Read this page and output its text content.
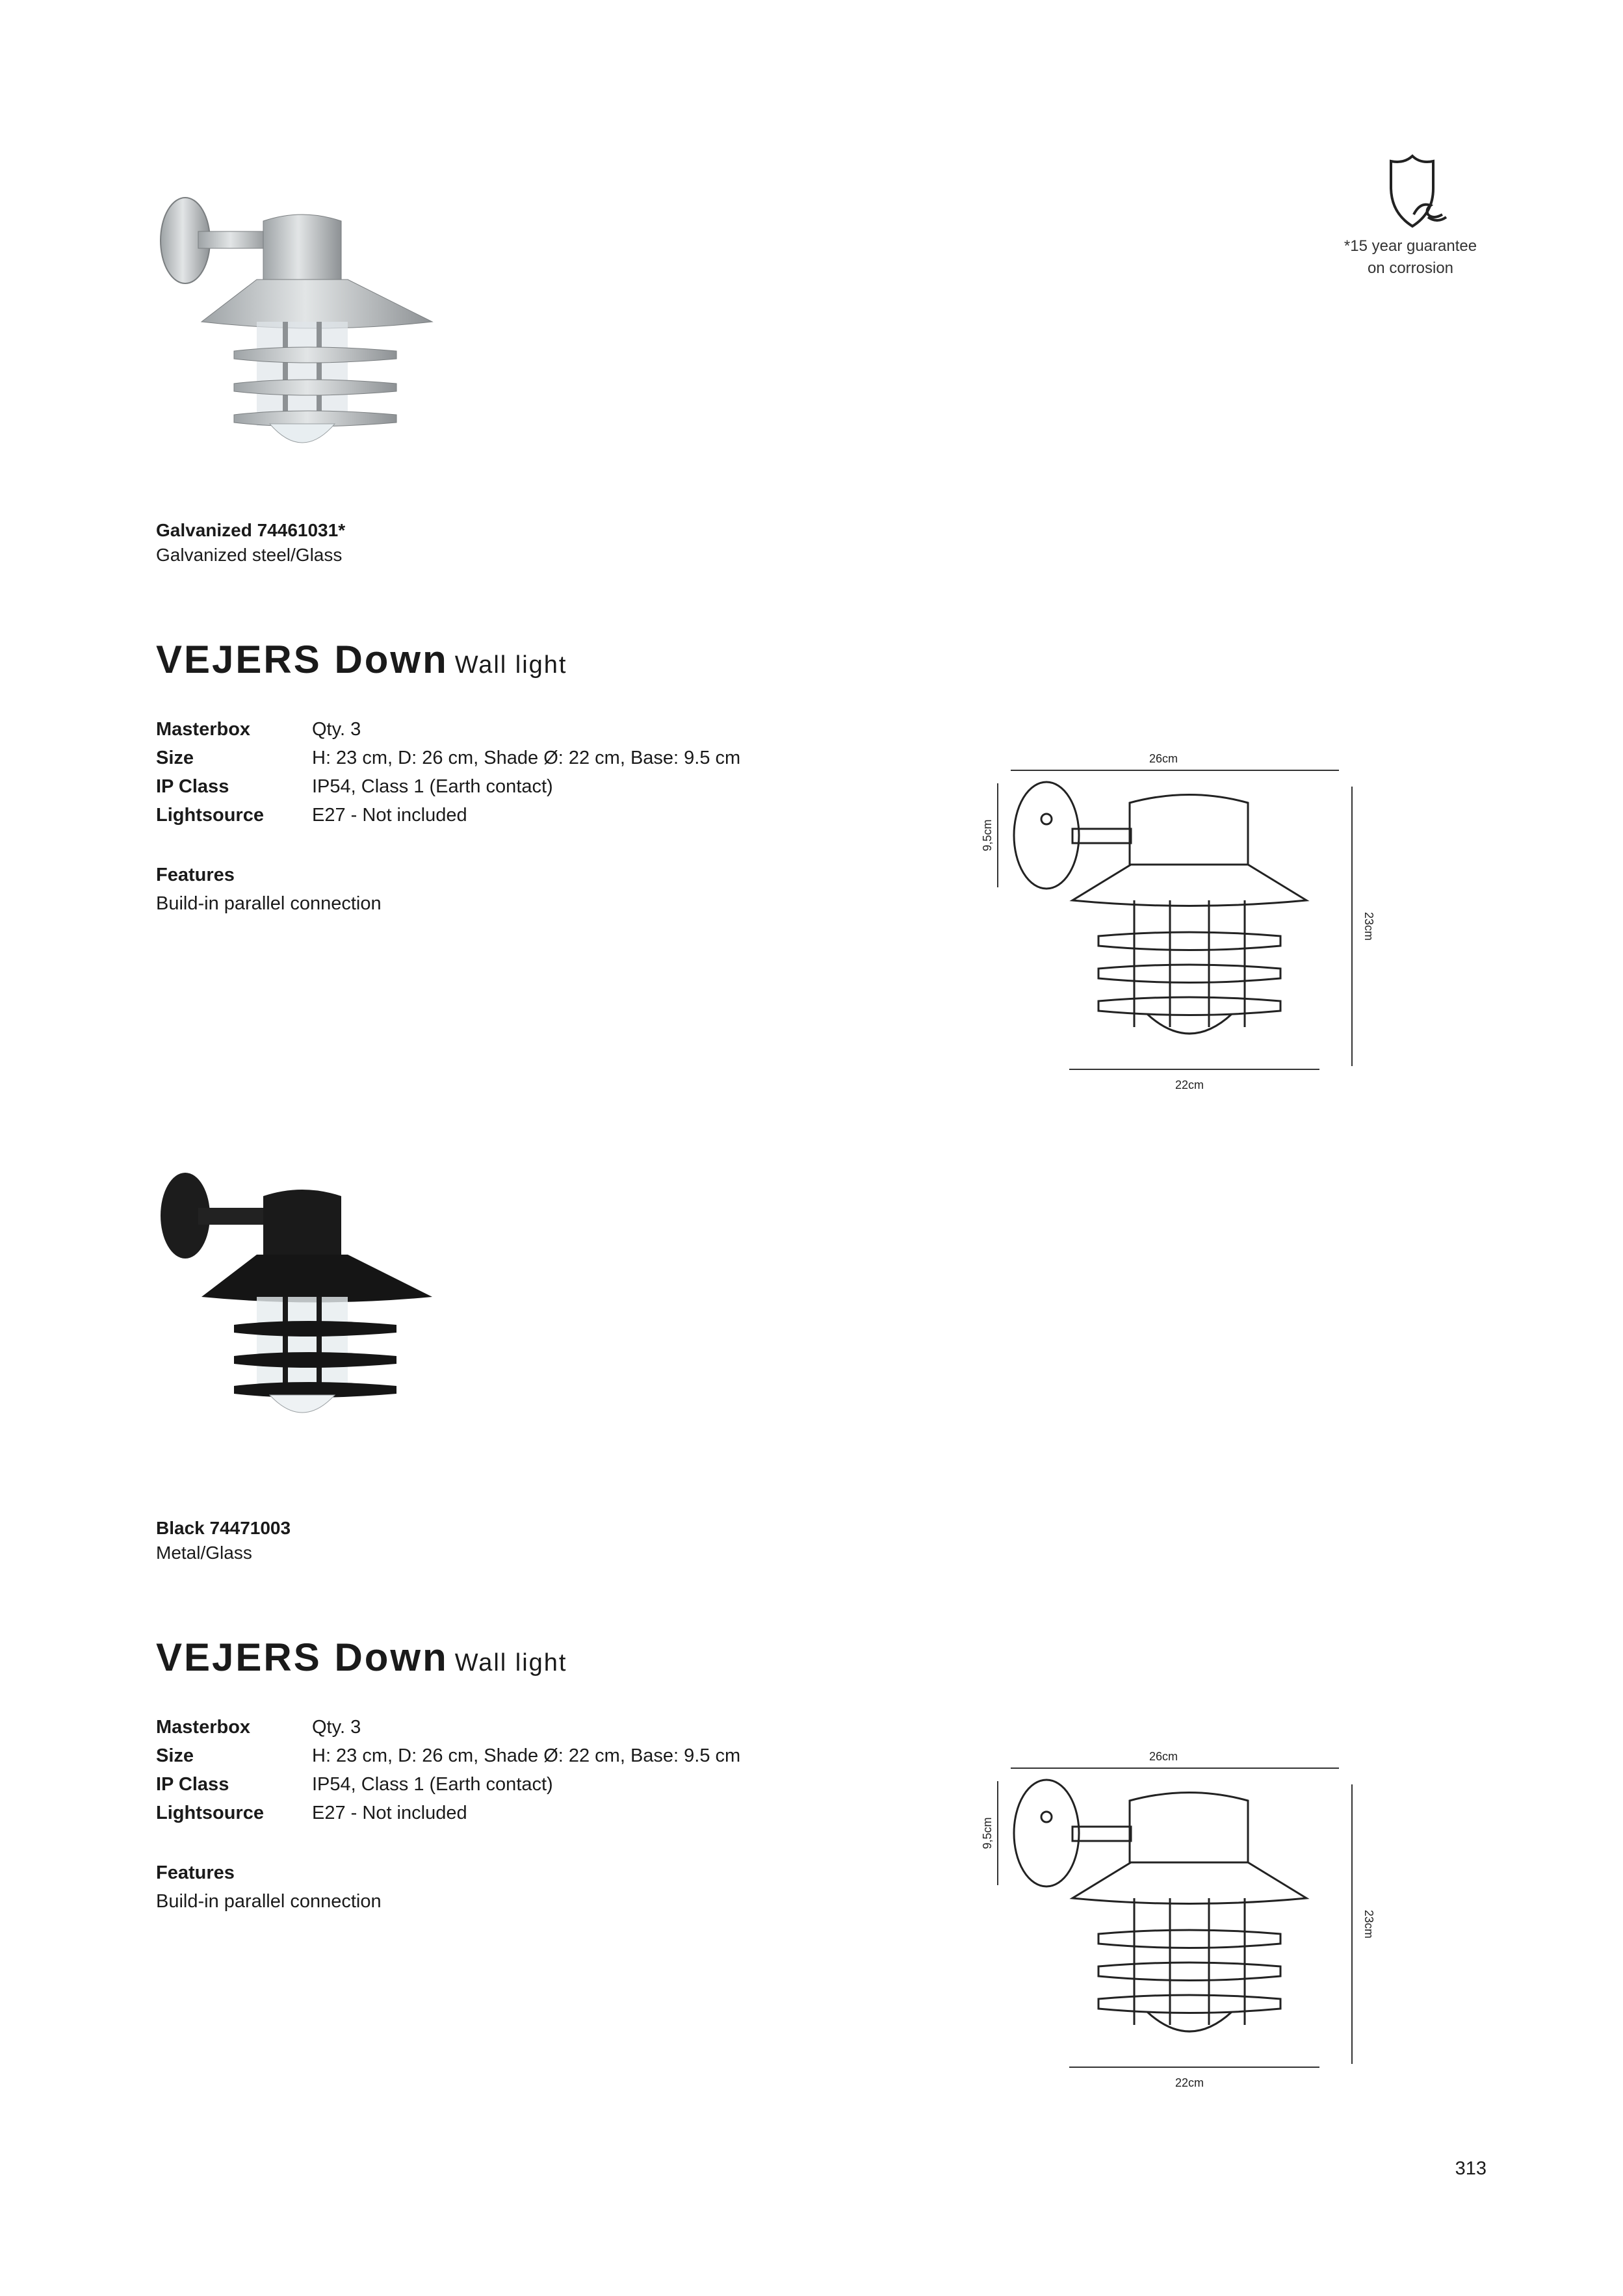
*15 year guarantee
on corrosion
Galvanized 74461031*
Galvanized steel/Glass
VEJERS Down Wall light
Masterbox	Qty. 3
Size	H: 23 cm, D: 26 cm, Shade Ø: 22 cm, Base: 9.5 cm
IP Class	IP54, Class 1 (Earth contact)
Lightsource	E27 - Not included
Features
Build-in parallel connection
26cm
9,5cm
23cm
22cm
Black 74471003
Metal/Glass
VEJERS Down Wall light
Masterbox	Qty. 3
Size	H: 23 cm, D: 26 cm, Shade Ø: 22 cm, Base: 9.5 cm
IP Class	IP54, Class 1 (Earth contact)
Lightsource	E27 - Not included
Features
Build-in parallel connection
26cm
9,5cm
23cm
22cm
313
